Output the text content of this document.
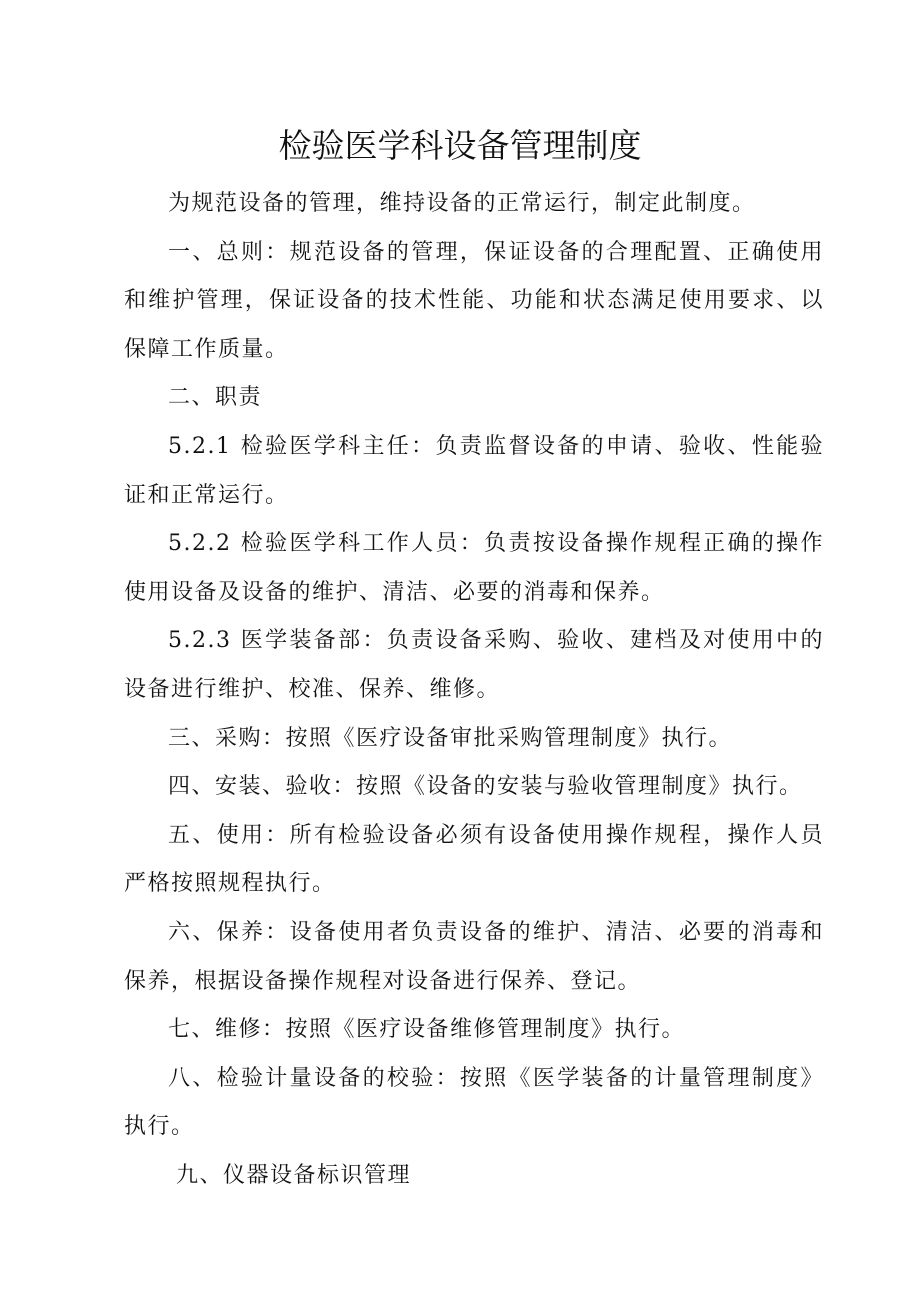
检验医学科设备管理制度

为规范设备的管理，维持设备的正常运行，制定此制度。

一、总则：规范设备的管理，保证设备的合理配置、正确使用和维护管理，保证设备的技术性能、功能和状态满足使用要求、以保障工作质量。

二、职责

5.2.1 检验医学科主任：负责监督设备的申请、验收、性能验证和正常运行。

5.2.2 检验医学科工作人员：负责按设备操作规程正确的操作使用设备及设备的维护、清洁、必要的消毒和保养。

5.2.3 医学装备部：负责设备采购、验收、建档及对使用中的设备进行维护、校准、保养、维修。

三、采购：按照《医疗设备审批采购管理制度》执行。

四、安装、验收：按照《设备的安装与验收管理制度》执行。

五、使用：所有检验设备必须有设备使用操作规程，操作人员严格按照规程执行。

六、保养：设备使用者负责设备的维护、清洁、必要的消毒和保养，根据设备操作规程对设备进行保养、登记。

七、维修：按照《医疗设备维修管理制度》执行。

八、检验计量设备的校验：按照《医学装备的计量管理制度》执行。

九、仪器设备标识管理
